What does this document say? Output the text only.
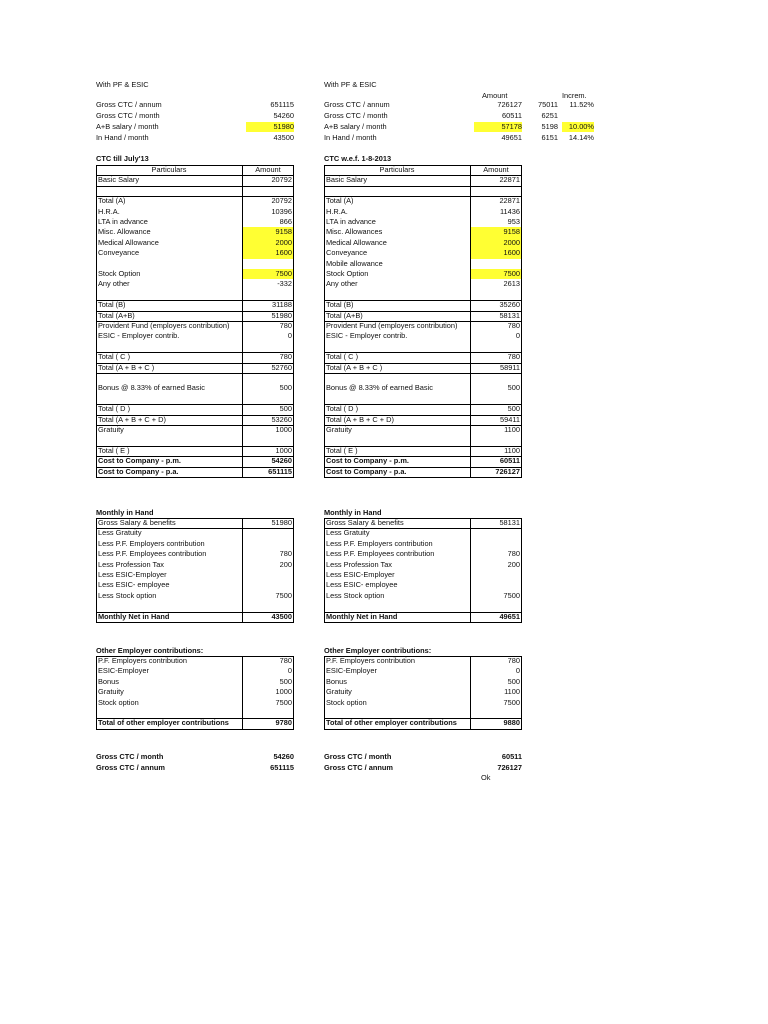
With PF & ESIC
Gross CTC / annum	651115
Gross CTC / month	54260
A+B salary / month	51980
In Hand / month	43500
CTC till July'13
Particulars	Amount
Basic Salary	20792
Total (A)	20792
H.R.A.	10396
LTA in advance	866
Misc. Allowance	9158
Medical Allowance	2000
Conveyance	1600
Stock Option	7500
Any other	-332
Total (B)	31188
Total (A+B)	51980
Provident Fund (employers contribution)	780
ESIC - Employer contrib.	0
Total ( C )	780
Total (A + B + C )	52760
Bonus @ 8.33% of earned Basic	500
Total ( D )	500
Total (A + B + C + D)	53260
Gratuity	1000
Total ( E )	1000
Cost to Company - p.m.	54260
Cost to Company - p.a.	651115
Monthly in Hand
Gross Salary & benefits	51980
Less Gratuity
Less P.F. Employers contribution
Less P.F. Employees contribution	780
Less Profession Tax	200
Less ESIC-Employer
Less ESIC- employee
Less Stock option	7500
Monthly Net in Hand	43500
Other Employer contributions:
P.F. Employers contribution	780
ESIC-Employer	0
Bonus	500
Gratuity	1000
Stock option	7500
Total of other employer contributions	9780
Gross CTC / month	54260
Gross CTC / annum	651115
With PF & ESIC
Amount	Increm.
Gross CTC / annum	726127	75011	11.52%
Gross CTC / month	60511	6251
A+B salary / month	57178	5198	10.00%
In Hand / month	49651	6151	14.14%
CTC w.e.f. 1-8-2013
Particulars	Amount
Basic Salary	22871
Total (A)	22871
H.R.A.	11436
LTA in advance	953
Misc. Allowances	9158
Medical Allowance	2000
Conveyance	1600
Mobile allowance
Stock Option	7500
Any other	2613
Total (B)	35260
Total (A+B)	58131
Provident Fund (employers contribution)	780
ESIC - Employer contrib.	0
Total ( C )	780
Total (A + B + C )	58911
Bonus @ 8.33% of earned Basic	500
Total ( D )	500
Total (A + B + C + D)	59411
Gratuity	1100
Total ( E )	1100
Cost to Company - p.m.	60511
Cost to Company - p.a.	726127
Monthly in Hand
Gross Salary & benefits	58131
Less Gratuity
Less P.F. Employers contribution
Less P.F. Employees contribution	780
Less Profession Tax	200
Less ESIC-Employer
Less ESIC- employee
Less Stock option	7500
Monthly Net in Hand	49651
Other Employer contributions:
P.F. Employers contribution	780
ESIC-Employer	0
Bonus	500
Gratuity	1100
Stock option	7500
Total of other employer contributions	9880
Gross CTC / month	60511
Gross CTC / annum	726127
Ok
